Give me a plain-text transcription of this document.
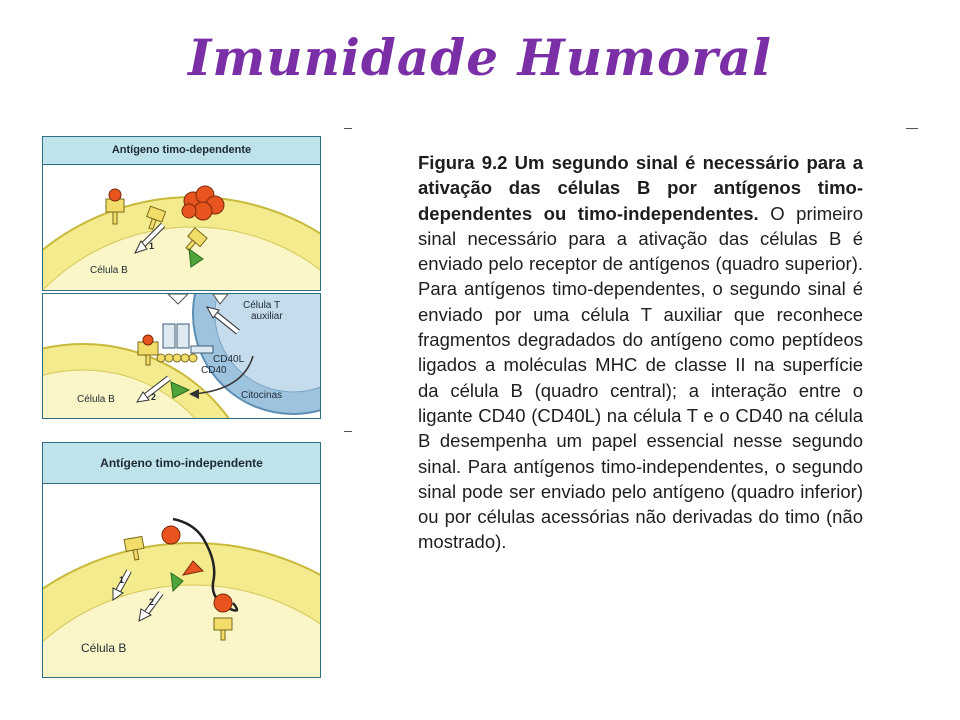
Imunidade Humoral
Antígeno timo-dependente
1
Célula B
Célula T
auxiliar
CD40L
CD40
Citocinas
2
Célula B
Antígeno timo-independente
1
2
Célula B
Figura 9.2 Um segundo sinal é necessário para a ativação das células B por antígenos timo-dependentes ou timo-independentes. O primeiro sinal necessário para a ativação das células B é enviado pelo receptor de antígenos (quadro superior). Para antígenos timo-dependentes, o segundo sinal é enviado por uma célula T auxiliar que reconhece fragmentos degradados do antígeno como peptídeos ligados a moléculas MHC de classe II na superfície da célula B (quadro central); a interação entre o ligante CD40 (CD40L) na célula T e o CD40 na célula B desempenha um papel essencial nesse segundo sinal. Para antígenos timo-independentes, o segundo sinal pode ser enviado pelo antígeno (quadro inferior) ou por células acessórias não derivadas do timo (não mostrado).
